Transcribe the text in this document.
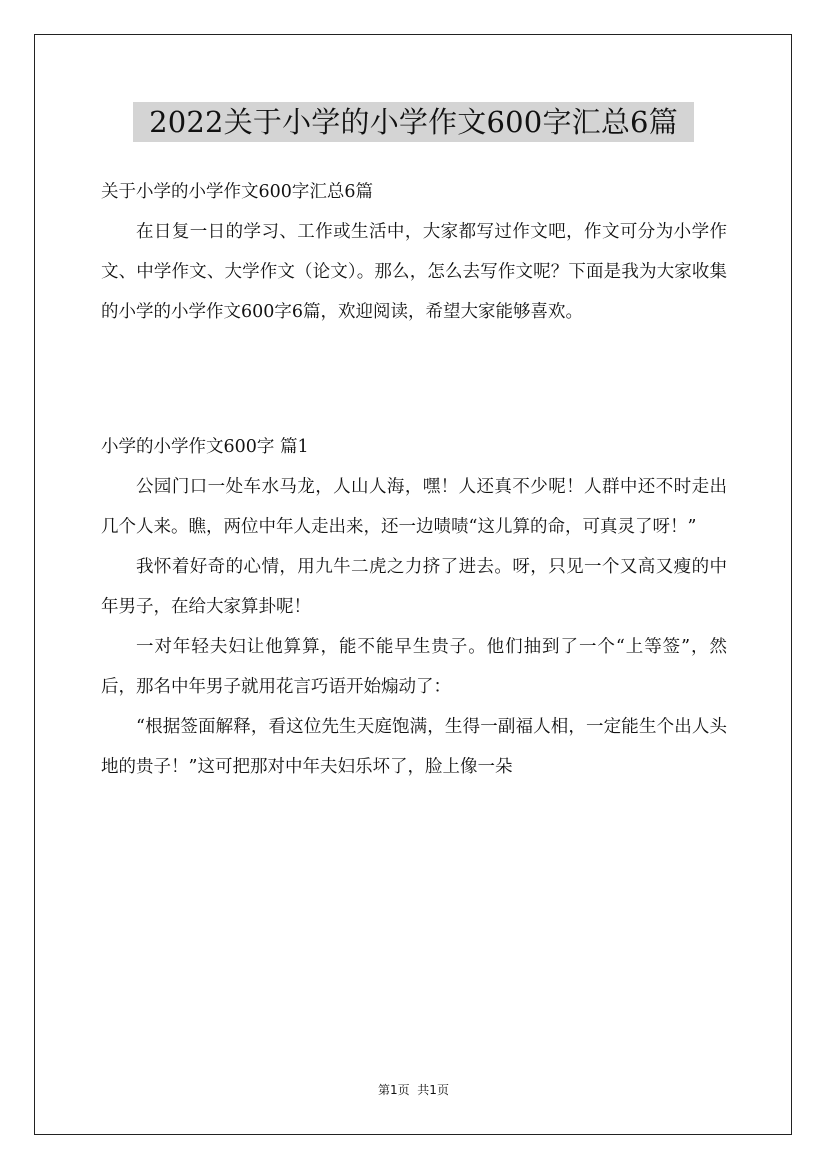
2022关于小学的小学作文600字汇总6篇

关于小学的小学作文600字汇总6篇

在日复一日的学习、工作或生活中，大家都写过作文吧，作文可分为小学作文、中学作文、大学作文（论文）。那么，怎么去写作文呢？下面是我为大家收集的小学的小学作文600字6篇，欢迎阅读，希望大家能够喜欢。

小学的小学作文600字 篇1

公园门口一处车水马龙，人山人海，嘿！人还真不少呢！人群中还不时走出几个人来。瞧，两位中年人走出来，还一边啧啧“这儿算的命，可真灵了呀！”

我怀着好奇的心情，用九牛二虎之力挤了进去。呀，只见一个又高又瘦的中年男子，在给大家算卦呢！

一对年轻夫妇让他算算，能不能早生贵子。他们抽到了一个“上等签”，然后，那名中年男子就用花言巧语开始煽动了：

“根据签面解释，看这位先生天庭饱满，生得一副福人相，一定能生个出人头地的贵子！”这可把那对中年夫妇乐坏了，脸上像一朵

第1页  共1页
